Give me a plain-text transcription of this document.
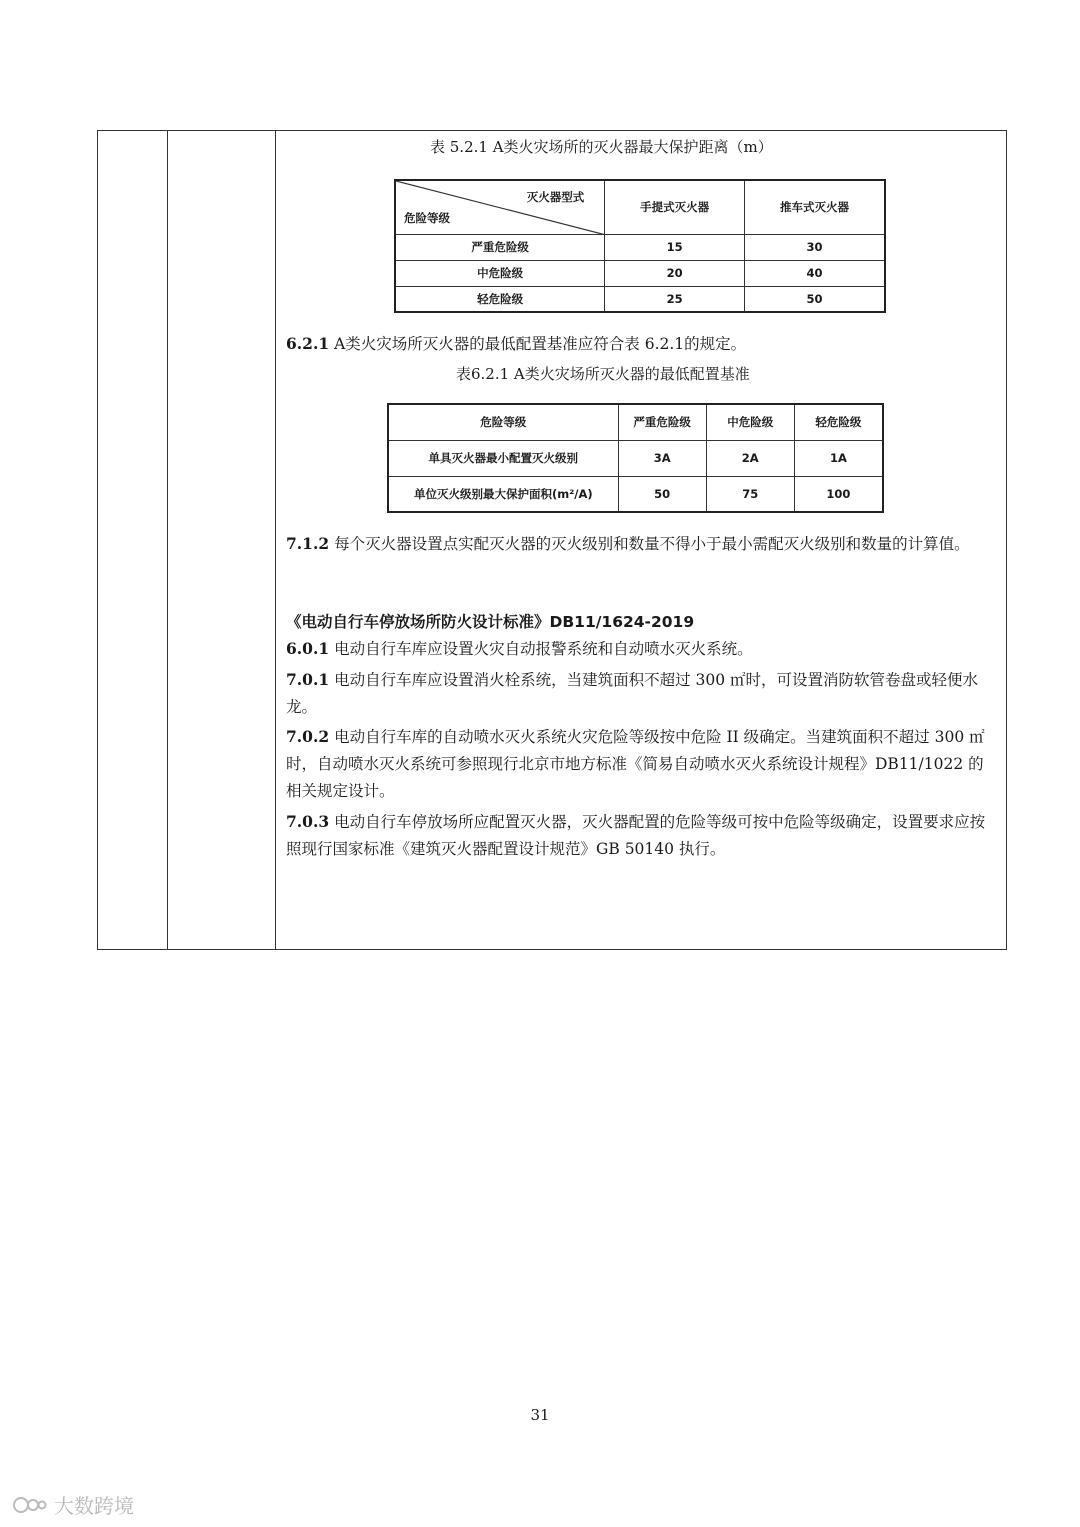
表 5.2.1 A类火灾场所的灭火器最大保护距离（m）
灭火器型式
危险等级	手提式灭火器	推车式灭火器
严重危险级	15	30
中危险级	20	40
轻危险级	25	50
6.2.1 A类火灾场所灭火器的最低配置基准应符合表 6.2.1的规定。
表6.2.1 A类火灾场所灭火器的最低配置基准
危险等级	严重危险级	中危险级	轻危险级
单具灭火器最小配置灭火级别	3A	2A	1A
单位灭火级别最大保护面积(m²/A)	50	75	100
7.1.2 每个灭火器设置点实配灭火器的灭火级别和数量不得小于最小需配灭火级别和数量的计算值。
《电动自行车停放场所防火设计标准》DB11/1624-2019
6.0.1 电动自行车库应设置火灾自动报警系统和自动喷水灭火系统。
7.0.1 电动自行车库应设置消火栓系统，当建筑面积不超过 300 ㎡时，可设置消防软管卷盘或轻便水龙。
7.0.2 电动自行车库的自动喷水灭火系统火灾危险等级按中危险 II 级确定。当建筑面积不超过 300 ㎡时，自动喷水灭火系统可参照现行北京市地方标准《简易自动喷水灭火系统设计规程》DB11/1022 的相关规定设计。
7.0.3 电动自行车停放场所应配置灭火器，灭火器配置的危险等级可按中危险等级确定，设置要求应按照现行国家标准《建筑灭火器配置设计规范》GB 50140 执行。
31
大数跨境
